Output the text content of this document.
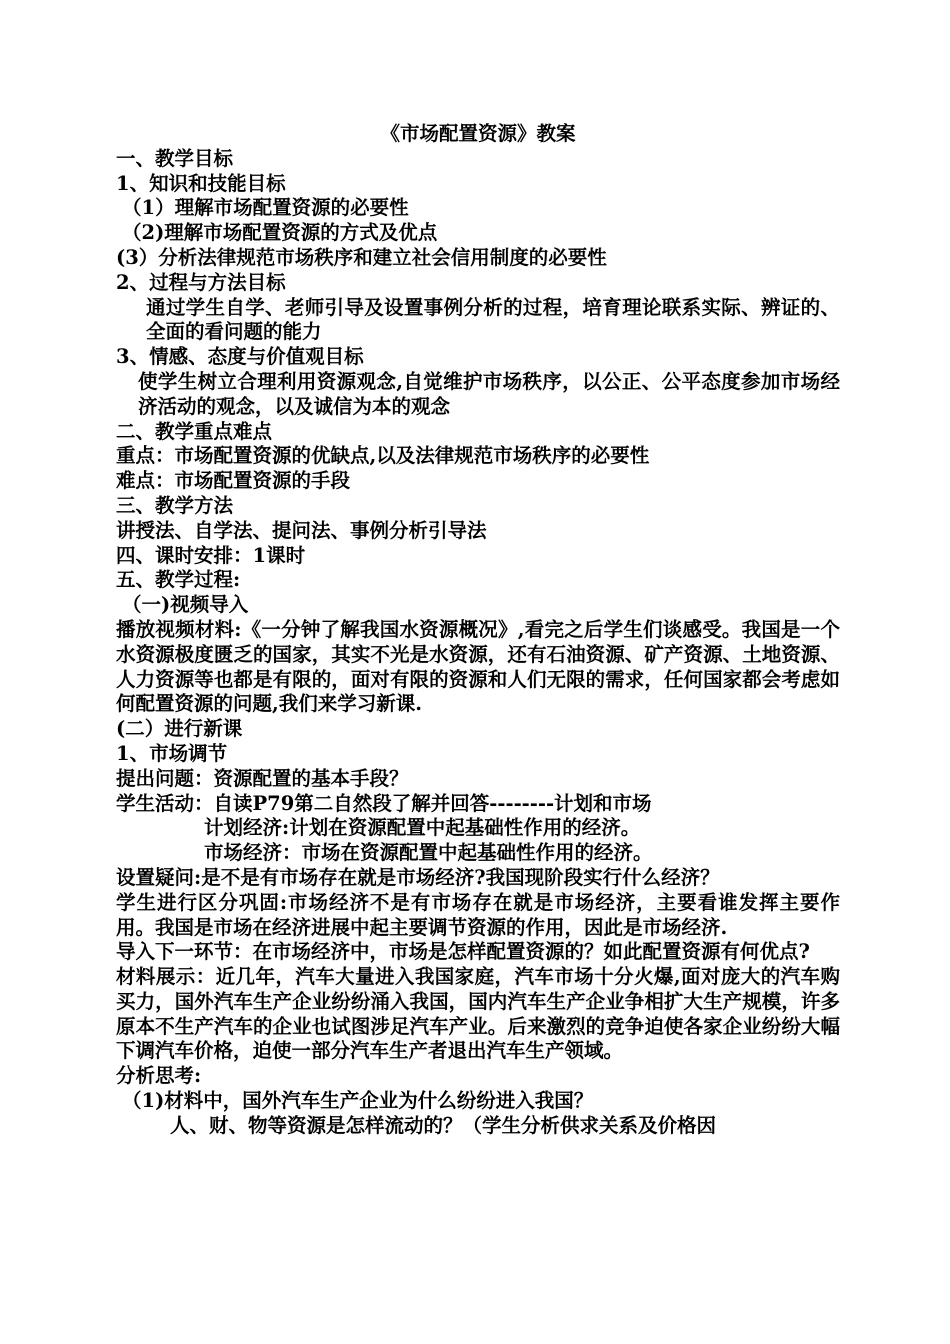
《市场配置资源》教案

一、教学目标

1、知识和技能目标

（1）理解市场配置资源的必要性

（2)理解市场配置资源的方式及优点

(3）分析法律规范市场秩序和建立社会信用制度的必要性

2、过程与方法目标

通过学生自学、老师引导及设置事例分析的过程，培育理论联系实际、辨证的、全面的看问题的能力

3、情感、态度与价值观目标

使学生树立合理利用资源观念,自觉维护市场秩序，以公正、公平态度参加市场经济活动的观念，以及诚信为本的观念

二、教学重点难点

重点：市场配置资源的优缺点,以及法律规范市场秩序的必要性

难点：市场配置资源的手段

三、教学方法

讲授法、自学法、提问法、事例分析引导法

四、课时安排：1课时

五、教学过程:

（一)视频导入

播放视频材料:《一分钟了解我国水资源概况》,看完之后学生们谈感受。我国是一个水资源极度匮乏的国家，其实不光是水资源，还有石油资源、矿产资源、土地资源、人力资源等也都是有限的，面对有限的资源和人们无限的需求，任何国家都会考虑如何配置资源的问题,我们来学习新课.

(二）进行新课

1、市场调节

提出问题：资源配置的基本手段？

学生活动：自读P79第二自然段了解并回答--------计划和市场

计划经济:计划在资源配置中起基础性作用的经济。

市场经济：市场在资源配置中起基础性作用的经济。

设置疑问:是不是有市场存在就是市场经济?我国现阶段实行什么经济？

学生进行区分巩固:市场经济不是有市场存在就是市场经济，主要看谁发挥主要作用。我国是市场在经济进展中起主要调节资源的作用，因此是市场经济.

导入下一环节：在市场经济中，市场是怎样配置资源的？如此配置资源有何优点?

材料展示：近几年，汽车大量进入我国家庭，汽车市场十分火爆,面对庞大的汽车购买力，国外汽车生产企业纷纷涌入我国，国内汽车生产企业争相扩大生产规模，许多原本不生产汽车的企业也试图涉足汽车产业。后来激烈的竞争迫使各家企业纷纷大幅下调汽车价格，迫使一部分汽车生产者退出汽车生产领域。

分析思考:

（1)材料中，国外汽车生产企业为什么纷纷进入我国？

人、财、物等资源是怎样流动的？（学生分析供求关系及价格因
